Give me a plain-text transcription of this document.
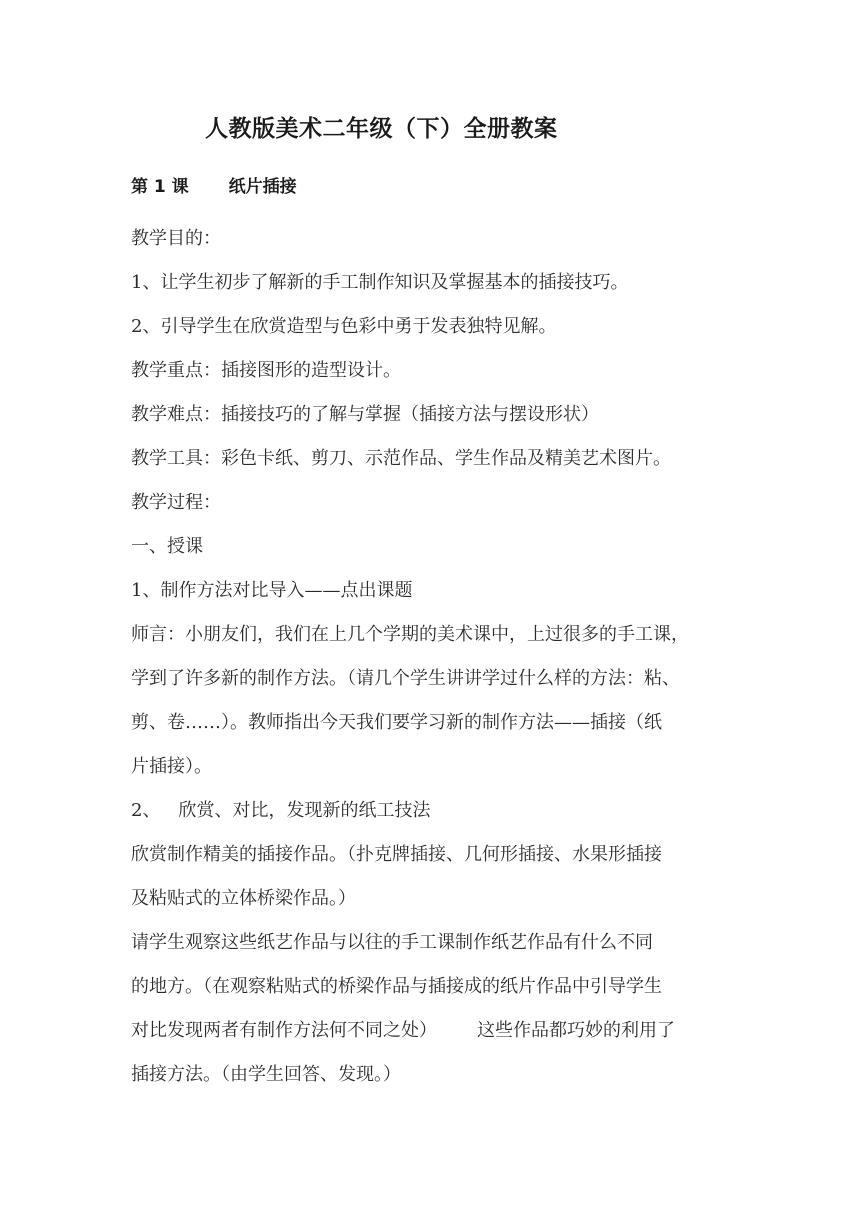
人教版美术二年级（下）全册教案
第 1 课 纸片插接

教学目的：

1、让学生初步了解新的手工制作知识及掌握基本的插接技巧。

2、引导学生在欣赏造型与色彩中勇于发表独特见解。

教学重点：插接图形的造型设计。

教学难点：插接技巧的了解与掌握（插接方法与摆设形状）

教学工具：彩色卡纸、剪刀、示范作品、学生作品及精美艺术图片。

教学过程：

一、授课

1、制作方法对比导入——点出课题

师言：小朋友们，我们在上几个学期的美术课中，上过很多的手工课，

学到了许多新的制作方法。（请几个学生讲讲学过什么样的方法：粘、

剪、卷……）。教师指出今天我们要学习新的制作方法——插接（纸

片插接）。

2、 欣赏、对比，发现新的纸工技法

欣赏制作精美的插接作品。（扑克牌插接、几何形插接、水果形插接

及粘贴式的立体桥梁作品。）

请学生观察这些纸艺作品与以往的手工课制作纸艺作品有什么不同

的地方。（在观察粘贴式的桥梁作品与插接成的纸片作品中引导学生

对比发现两者有制作方法何不同之处） 这些作品都巧妙的利用了

插接方法。（由学生回答、发现。）
